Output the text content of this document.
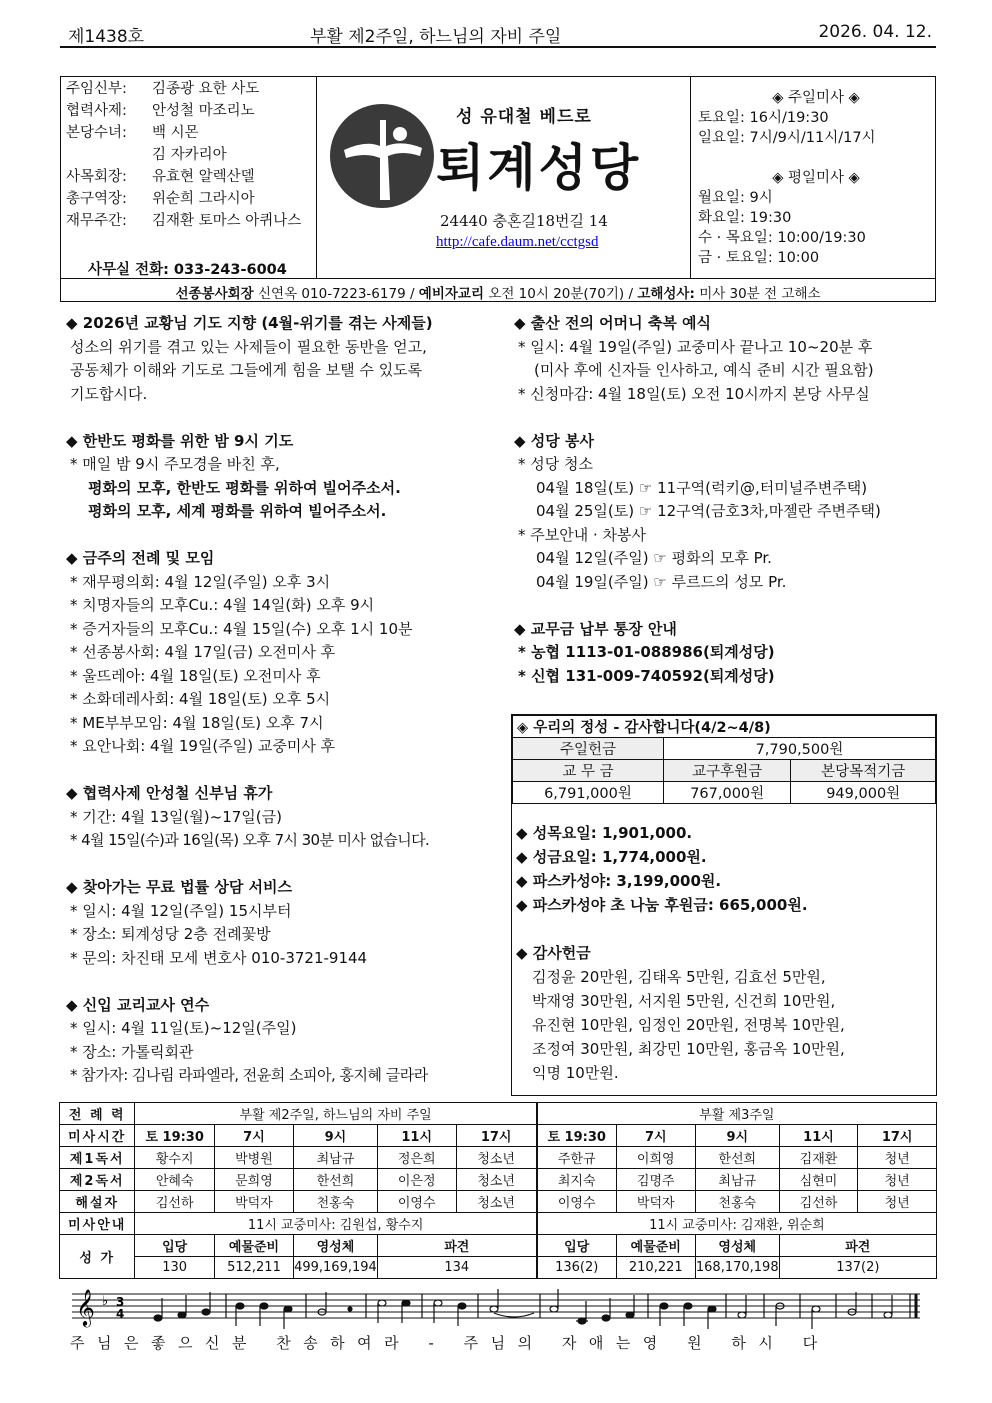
제1438호	부활 제2주일, 하느님의 자비 주일	2026. 04. 12.
주임신부: 김종광 요한 사도
협력사제: 안성철 마조리노
본당수녀: 백 시몬
김 자카리아
사목회장: 유효현 알렉산델
총구역장: 위순희 그라시아
재무주간: 김재환 토마스 아퀴나스
사무실 전화: 033-243-6004
성 유대철 베드로
퇴계성당
24440 충혼길18번길 14
http://cafe.daum.net/cctgsd
◈ 주일미사 ◈
토요일: 16시/19:30
일요일: 7시/9시/11시/17시
◈ 평일미사 ◈
월요일: 9시
화요일: 19:30
수 · 목요일: 10:00/19:30
금 · 토요일: 10:00
선종봉사회장 신연옥 010-7223-6179 / 예비자교리 오전 10시 20분(70기) / 고해성사: 미사 30분 전 고해소
◆ 2026년 교황님 기도 지향 (4월-위기를 겪는 사제들)
성소의 위기를 겪고 있는 사제들이 필요한 동반을 얻고,
공동체가 이해와 기도로 그들에게 힘을 보탤 수 있도록
기도합시다.
◆ 한반도 평화를 위한 밤 9시 기도
* 매일 밤 9시 주모경을 바친 후,
평화의 모후, 한반도 평화를 위하여 빌어주소서.
평화의 모후, 세계 평화를 위하여 빌어주소서.
◆ 금주의 전례 및 모임
* 재무평의회: 4월 12일(주일) 오후 3시
* 치명자들의 모후Cu.: 4월 14일(화) 오후 9시
* 증거자들의 모후Cu.: 4월 15일(수) 오후 1시 10분
* 선종봉사회: 4월 17일(금) 오전미사 후
* 울뜨레아: 4월 18일(토) 오전미사 후
* 소화데레사회: 4월 18일(토) 오후 5시
* ME부부모임: 4월 18일(토) 오후 7시
* 요안나회: 4월 19일(주일) 교중미사 후
◆ 협력사제 안성철 신부님 휴가
* 기간: 4월 13일(월)~17일(금)
* 4월 15일(수)과 16일(목) 오후 7시 30분 미사 없습니다.
◆ 찾아가는 무료 법률 상담 서비스
* 일시: 4월 12일(주일) 15시부터
* 장소: 퇴계성당 2층 전례꽃방
* 문의: 차진태 모세 변호사 010-3721-9144
◆ 신입 교리교사 연수
* 일시: 4월 11일(토)~12일(주일)
* 장소: 가톨릭회관
* 참가자: 김나림 라파엘라, 전윤희 소피아, 홍지혜 글라라
◆ 출산 전의 어머니 축복 예식
* 일시: 4월 19일(주일) 교중미사 끝나고 10~20분 후
(미사 후에 신자들 인사하고, 예식 준비 시간 필요함)
* 신청마감: 4월 18일(토) 오전 10시까지 본당 사무실
◆ 성당 봉사
* 성당 청소
04월 18일(토) ☞ 11구역(럭키@,터미널주변주택)
04월 25일(토) ☞ 12구역(금호3차,마젤란 주변주택)
* 주보안내 · 차봉사
04월 12일(주일) ☞ 평화의 모후 Pr.
04월 19일(주일) ☞ 루르드의 성모 Pr.
◆ 교무금 납부 통장 안내
* 농협 1113-01-088986(퇴계성당)
* 신협 131-009-740592(퇴계성당)
◈ 우리의 정성 - 감사합니다(4/2~4/8)		
주일헌금	7,790,500원	
교 무 금	교구후원금	본당목적기금
6,791,000원	767,000원	949,000원
◆ 성목요일: 1,901,000.
◆ 성금요일: 1,774,000원.
◆ 파스카성야: 3,199,000원.
◆ 파스카성야 초 나눔 후원금: 665,000원.
◆ 감사헌금
김정윤 20만원, 김태옥 5만원, 김효선 5만원,
박재영 30만원, 서지원 5만원, 신건희 10만원,
유진현 10만원, 임정인 20만원, 전명복 10만원,
조정여 30만원, 최강민 10만원, 홍금옥 10만원,
익명 10만원.
전 례 력	부활 제2주일, 하느님의 자비 주일					부활 제3주일				
미사시간	토 19:30	7시	9시	11시	17시	토 19:30	7시	9시	11시	17시
제1독서	황수지	박병원	최남규	정은희	청소년	주한규	이희영	한선희	김재환	청년
제2독서	안혜숙	문희영	한선희	이은정	청소년	최지숙	김명주	최남규	심현미	청년
해설자	김선하	박덕자	천홍숙	이영수	청소년	이영수	박덕자	천홍숙	김선하	청년
미사안내	11시 교중미사: 김원섭, 황수지					11시 교중미사: 김재환, 위순희				
성 가	입당	예물준비	영성체	파견		입당	예물준비	영성체	파견	
	130	512,211	499,169,194	134		136(2)	210,221	168,170,198	137(2)	
𝄞 ♭ 3
4
주님은좋으신분 찬송하여라 - 주님의 자애는영 원 하시 다
